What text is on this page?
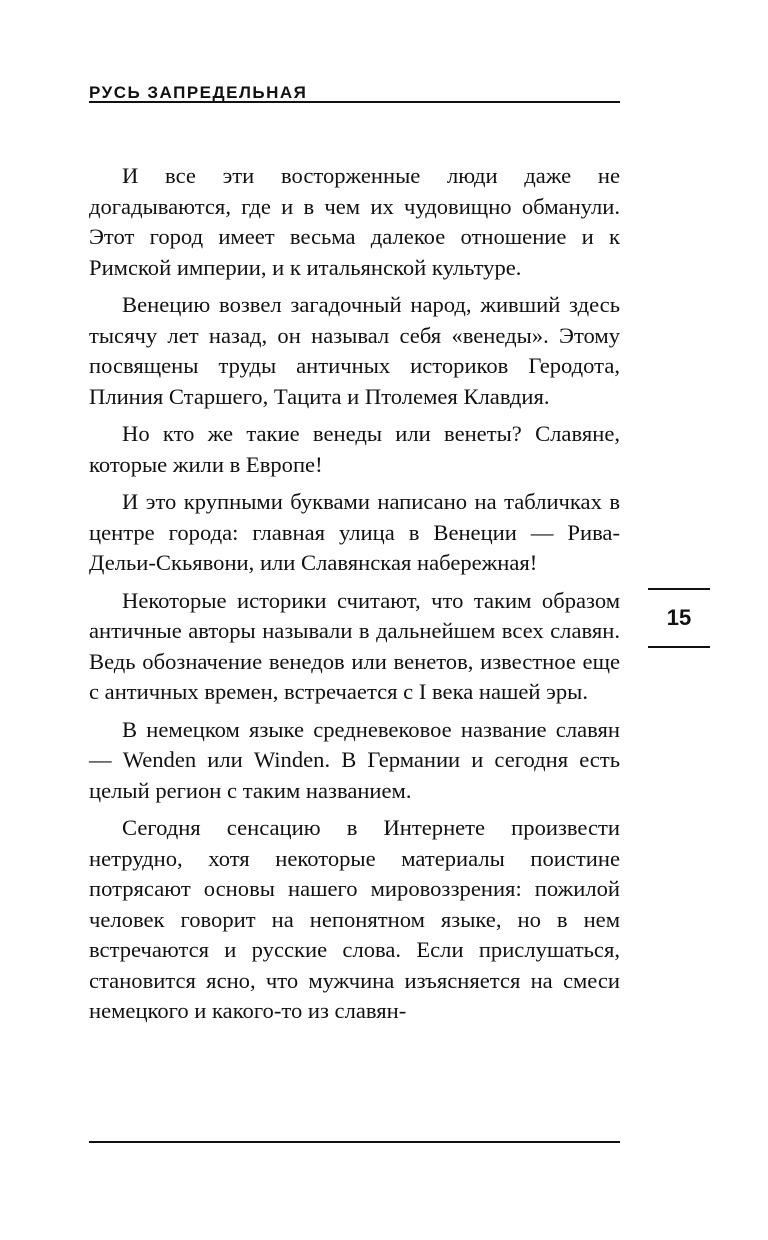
РУСЬ ЗАПРЕДЕЛЬНАЯ

И все эти восторженные люди даже не догадываются, где и в чем их чудовищно обманули. Этот город имеет весьма далекое отношение и к Римской империи, и к итальянской культуре.

Венецию возвел загадочный народ, живший здесь тысячу лет назад, он называл себя «венеды». Этому посвящены труды античных историков Геродота, Плиния Старшего, Тацита и Птолемея Клавдия.

Но кто же такие венеды или венеты? Славяне, которые жили в Европе!

И это крупными буквами написано на табличках в центре города: главная улица в Венеции — Рива-Дельи-Скьявони, или Славянская набережная!

Некоторые историки считают, что таким образом античные авторы называли в дальнейшем всех славян. Ведь обозначение венедов или венетов, известное еще с античных времен, встречается с I века нашей эры.

В немецком языке средневековое название славян — Wenden или Winden. В Германии и сегодня есть целый регион с таким названием.

Сегодня сенсацию в Интернете произвести нетрудно, хотя некоторые материалы поистине потрясают основы нашего мировоззрения: пожилой человек говорит на непонятном языке, но в нем встречаются и русские слова. Если прислушаться, становится ясно, что мужчина изъясняется на смеси немецкого и какого-то из славян-

15
